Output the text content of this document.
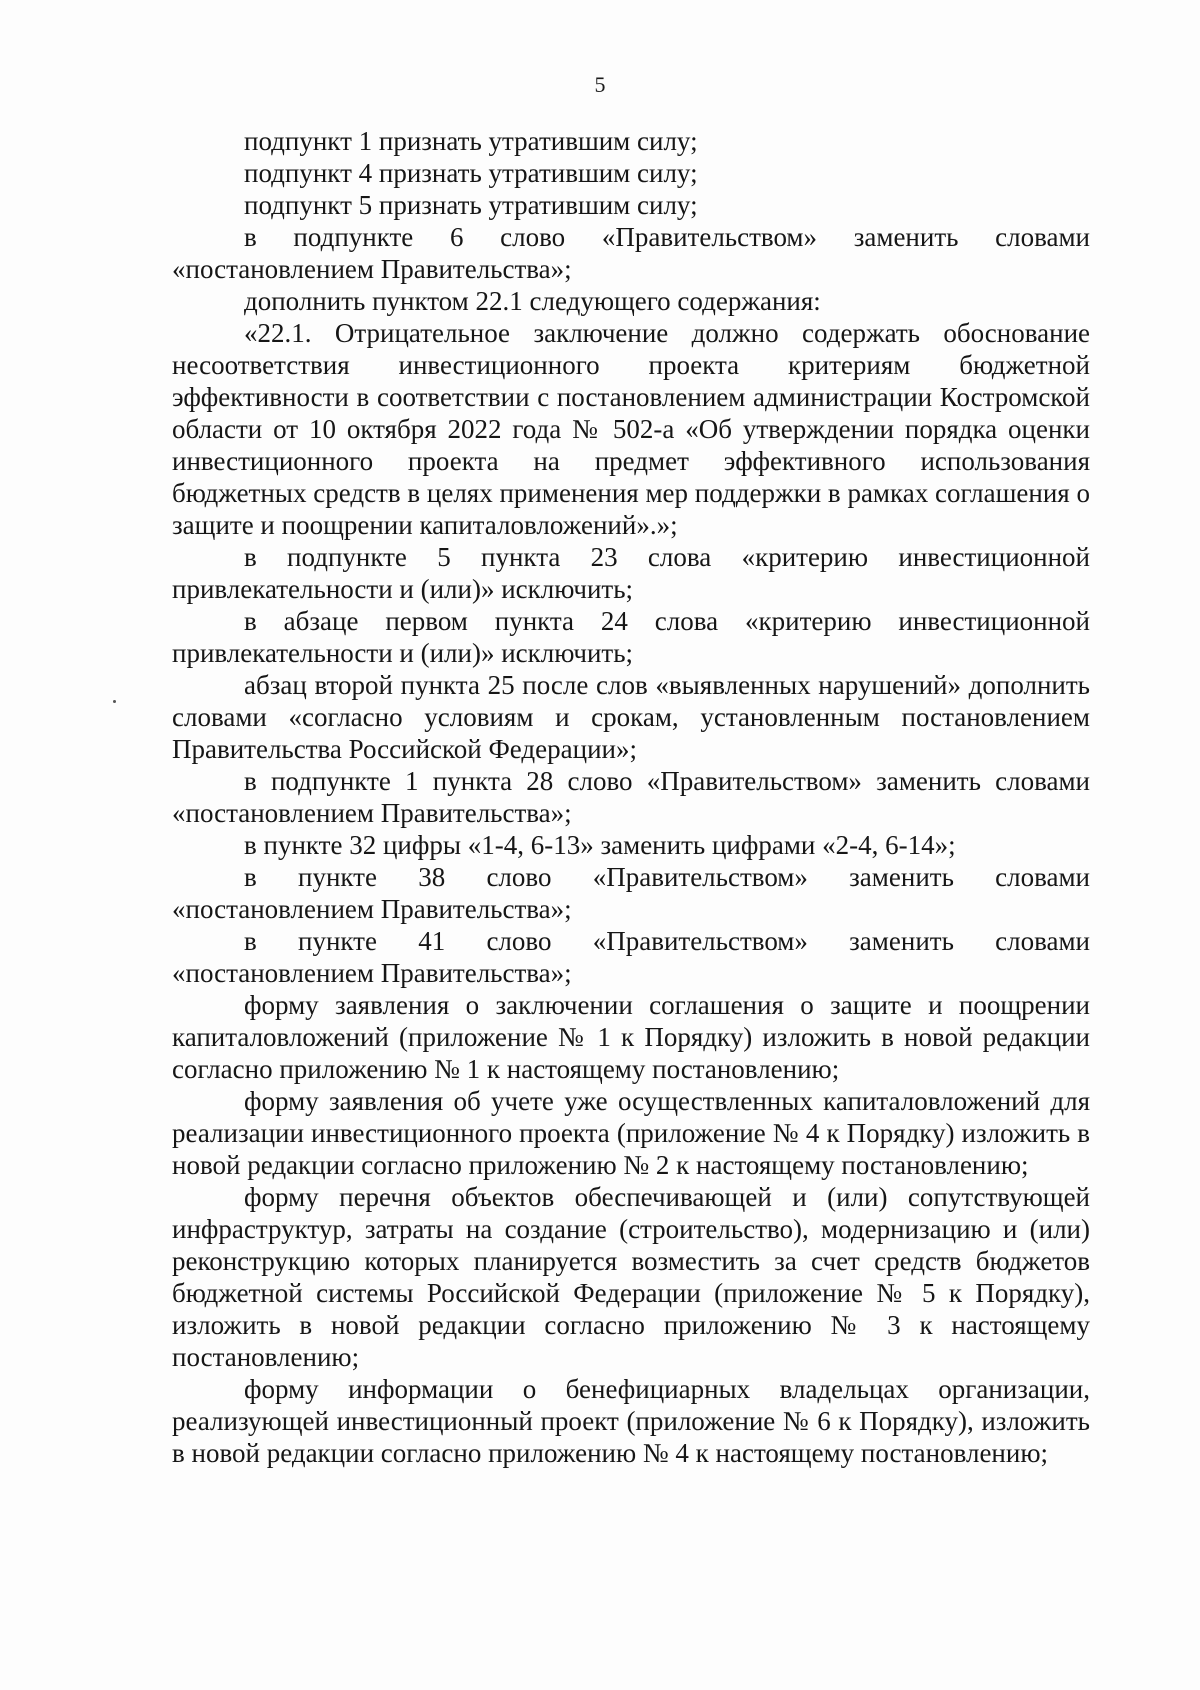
5

подпункт 1 признать утратившим силу;

подпункт 4 признать утратившим силу;

подпункт 5 признать утратившим силу;

в подпункте 6 слово «Правительством» заменить словами «постановлением Правительства»;

дополнить пунктом 22.1 следующего содержания:

«22.1. Отрицательное заключение должно содержать обоснование несоответствия инвестиционного проекта критериям бюджетной эффективности в соответствии с постановлением администрации Костромской области от 10 октября 2022 года № 502-а «Об утверждении порядка оценки инвестиционного проекта на предмет эффективного использования бюджетных средств в целях применения мер поддержки в рамках соглашения о защите и поощрении капиталовложений».»;

в подпункте 5 пункта 23 слова «критерию инвестиционной привлекательности и (или)» исключить;

в абзаце первом пункта 24 слова «критерию инвестиционной привлекательности и (или)» исключить;

абзац второй пункта 25 после слов «выявленных нарушений» дополнить словами «согласно условиям и срокам, установленным постановлением Правительства Российской Федерации»;

в подпункте 1 пункта 28 слово «Правительством» заменить словами «постановлением Правительства»;

в пункте 32 цифры «1-4, 6-13» заменить цифрами «2-4, 6-14»;

в пункте 38 слово «Правительством» заменить словами «постановлением Правительства»;

в пункте 41 слово «Правительством» заменить словами «постановлением Правительства»;

форму заявления о заключении соглашения о защите и поощрении капиталовложений (приложение № 1 к Порядку) изложить в новой редакции согласно приложению № 1 к настоящему постановлению;

форму заявления об учете уже осуществленных капиталовложений для реализации инвестиционного проекта (приложение № 4 к Порядку) изложить в новой редакции согласно приложению № 2 к настоящему постановлению;

форму перечня объектов обеспечивающей и (или) сопутствующей инфраструктур, затраты на создание (строительство), модернизацию и (или) реконструкцию которых планируется возместить за счет средств бюджетов бюджетной системы Российской Федерации (приложение № 5 к Порядку), изложить в новой редакции согласно приложению № 3 к настоящему постановлению;

форму информации о бенефициарных владельцах организации, реализующей инвестиционный проект (приложение № 6 к Порядку), изложить в новой редакции согласно приложению № 4 к настоящему постановлению;
